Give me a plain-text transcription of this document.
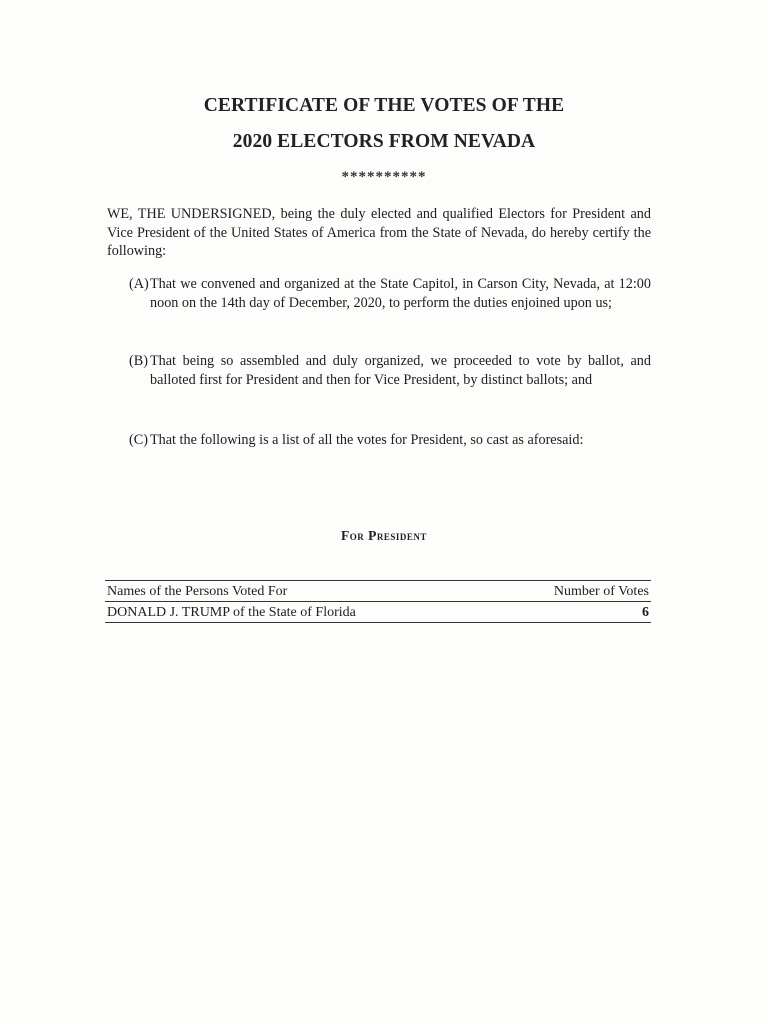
CERTIFICATE OF THE VOTES OF THE
2020 ELECTORS FROM NEVADA
**********
WE, THE UNDERSIGNED, being the duly elected and qualified Electors for President and Vice President of the United States of America from the State of Nevada, do hereby certify the following:
(A) That we convened and organized at the State Capitol, in Carson City, Nevada, at 12:00 noon on the 14th day of December, 2020, to perform the duties enjoined upon us;
(B) That being so assembled and duly organized, we proceeded to vote by ballot, and balloted first for President and then for Vice President, by distinct ballots; and
(C) That the following is a list of all the votes for President, so cast as aforesaid:
For President
Names of the Persons Voted For	Number of Votes
DONALD J. TRUMP of the State of Florida	6
